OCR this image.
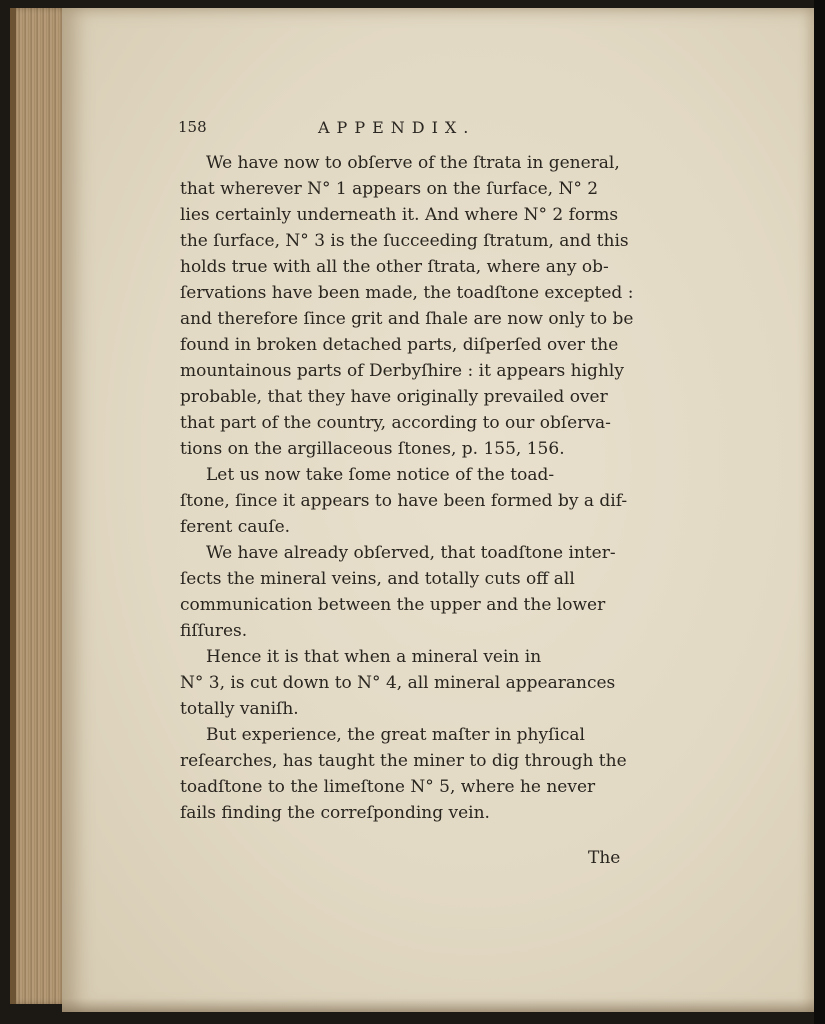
158	APPENDIX.
We have now to obſerve of the ſtrata in general,
that wherever N° 1 appears on the ſurface, N° 2
lies certainly underneath it. And where N° 2 forms
the ſurface, N° 3 is the ſucceeding ſtratum, and this
holds true with all the other ſtrata, where any ob-
ſervations have been made, the toadſtone excepted :
and therefore ſince grit and ſhale are now only to be
found in broken detached parts, diſperſed over the
mountainous parts of Derbyſhire : it appears highly
probable, that they have originally prevailed over
that part of the country, according to our obſerva-
tions on the argillaceous ſtones, p. 155, 156.
Let us now take ſome notice of the toad-
ſtone, ſince it appears to have been formed by a dif-
ferent cauſe.
We have already obſerved, that toadſtone inter-
ſects the mineral veins, and totally cuts off all
communication between the upper and the lower
fiſſures.
Hence it is that when a mineral vein in
N° 3, is cut down to N° 4, all mineral appearances
totally vaniſh.
But experience, the great maſter in phyſical
reſearches, has taught the miner to dig through the
toadſtone to the limeſtone N° 5, where he never
fails finding the correſponding vein.
The
